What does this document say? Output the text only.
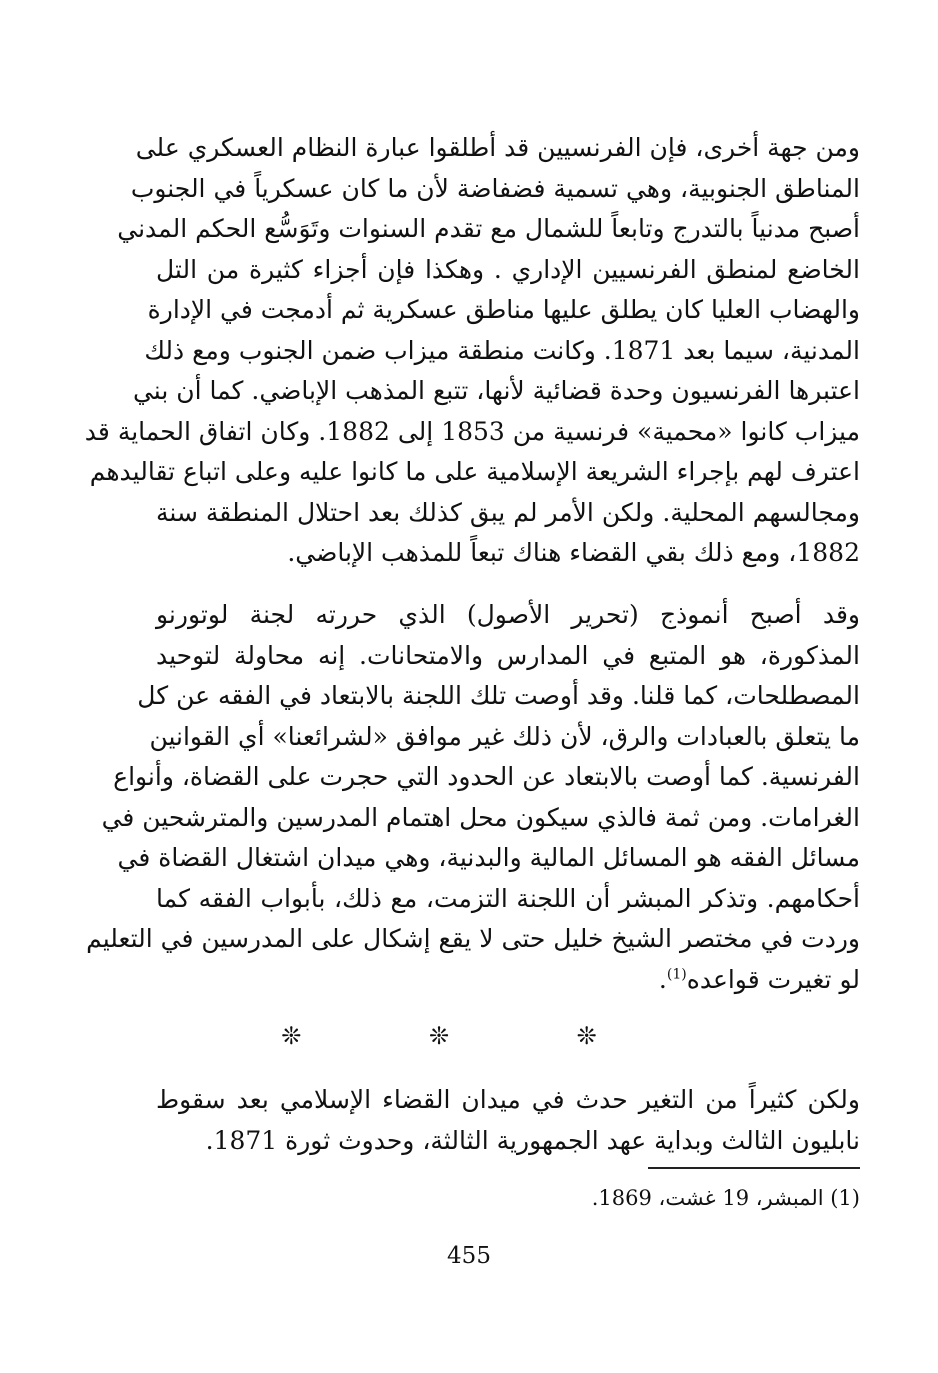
ومن جهة أخرى، فإن الفرنسيين قد أطلقوا عبارة النظام العسكري على
المناطق الجنوبية، وهي تسمية فضفاضة لأن ما كان عسكرياً في الجنوب
أصبح مدنياً بالتدرج وتابعاً للشمال مع تقدم السنوات وتَوَسُّع الحكم المدني
الخاضع لمنطق الفرنسيين الإداري . وهكذا فإن أجزاء كثيرة من التل
والهضاب العليا كان يطلق عليها مناطق عسكرية ثم أدمجت في الإدارة
المدنية، سيما بعد 1871. وكانت منطقة ميزاب ضمن الجنوب ومع ذلك
اعتبرها الفرنسيون وحدة قضائية لأنها، تتبع المذهب الإباضي. كما أن بني
ميزاب كانوا «محمية» فرنسية من 1853 إلى 1882. وكان اتفاق الحماية قد
اعترف لهم بإجراء الشريعة الإسلامية على ما كانوا عليه وعلى اتباع تقاليدهم
ومجالسهم المحلية. ولكن الأمر لم يبق كذلك بعد احتلال المنطقة سنة
1882، ومع ذلك بقي القضاء هناك تبعاً للمذهب الإباضي.
وقد أصبح أنموذج (تحرير الأصول) الذي حررته لجنة لوتورنو
المذكورة، هو المتبع في المدارس والامتحانات. إنه محاولة لتوحيد
المصطلحات، كما قلنا. وقد أوصت تلك اللجنة بالابتعاد في الفقه عن كل
ما يتعلق بالعبادات والرق، لأن ذلك غير موافق «لشرائعنا» أي القوانين
الفرنسية. كما أوصت بالابتعاد عن الحدود التي حجرت على القضاة، وأنواع
الغرامات. ومن ثمة فالذي سيكون محل اهتمام المدرسين والمترشحين في
مسائل الفقه هو المسائل المالية والبدنية، وهي ميدان اشتغال القضاة في
أحكامهم. وتذكر المبشر أن اللجنة التزمت، مع ذلك، بأبواب الفقه كما
وردت في مختصر الشيخ خليل حتى لا يقع إشكال على المدرسين في التعليم
لو تغيرت قواعده$^{(1)}$.
❊ ❊ ❊
ولكن كثيراً من التغير حدث في ميدان القضاء الإسلامي بعد سقوط
نابليون الثالث وبداية عهد الجمهورية الثالثة، وحدوث ثورة 1871.
(1) المبشر، 19 غشت، 1869.
455
